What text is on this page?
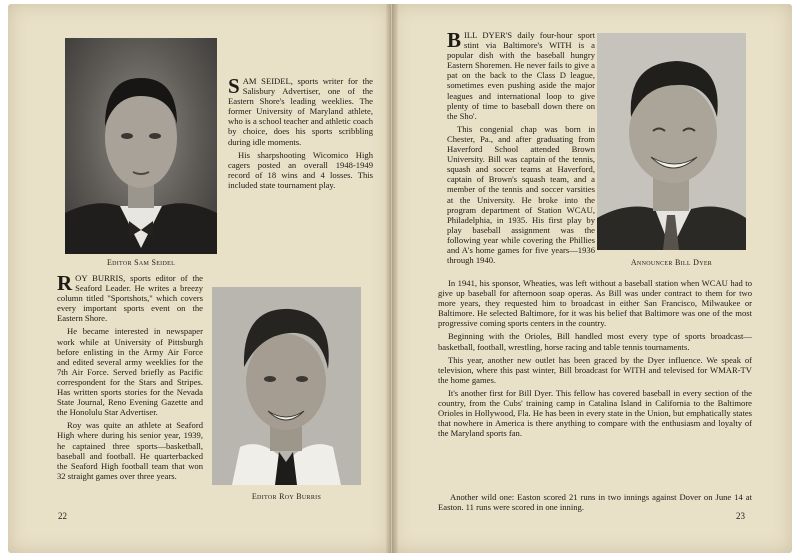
Editor Sam Seidel

SAM SEIDEL, sports writer for the Salisbury Advertiser, one of the Eastern Shore's leading weeklies. The former University of Maryland athlete, who is a school teacher and athletic coach by choice, does his sports scribbling during idle moments.

His sharpshooting Wicomico High cagers posted an overall 1948-1949 record of 18 wins and 4 losses. This included state tournament play.

ROY BURRIS, sports editor of the Seaford Leader. He writes a breezy column titled "Sportshots," which covers every important sports event on the Eastern Shore.

He became interested in newspaper work while at University of Pittsburgh before enlisting in the Army Air Force and edited several army weeklies for the 7th Air Force. Served briefly as Pacific correspondent for the Stars and Stripes. Has written sports stories for the Nevada State Journal, Reno Evening Gazette and the Honolulu Star Advertiser.

Roy was quite an athlete at Seaford High where during his senior year, 1939, he captained three sports—basketball, baseball and football. He quarterbacked the Seaford High football team that won 32 straight games over three years.

Editor Roy Burris
22

BILL DYER'S daily four-hour sport stint via Baltimore's WITH is a popular dish with the baseball hungry Eastern Shoremen. He never fails to give a pat on the back to the Class D league, sometimes even pushing aside the major leagues and international loop to give plenty of time to baseball down there on the Sho'.

This congenial chap was born in Chester, Pa., and after graduating from Haverford School attended Brown University. Bill was captain of the tennis, squash and soccer teams at Haverford, captain of Brown's squash team, and a member of the tennis and soccer varsities at the University. He broke into the program department of Station WCAU, Philadelphia, in 1935. His first play by play baseball assignment was the following year while covering the Phillies and A's home games for five years—1936 through 1940.	Announcer Bill Dyer

In 1941, his sponsor, Wheaties, was left without a baseball station when WCAU had to give up baseball for afternoon soap operas. As Bill was under contract to them for two more years, they requested him to broadcast in either San Francisco, Milwaukee or Baltimore. He selected Baltimore, for it was his belief that Baltimore was one of the most progressive coming sports centers in the country.

Beginning with the Orioles, Bill handled most every type of sports broadcast—basketball, football, wrestling, horse racing and table tennis tournaments.

This year, another new outlet has been graced by the Dyer influence. We speak of television, where this past winter, Bill broadcast for WITH and televised for WMAR-TV the home games.

It's another first for Bill Dyer. This fellow has covered baseball in every section of the country, from the Cubs' training camp in Catalina Island in California to the Baltimore Orioles in Hollywood, Fla. He has been in every state in the Union, but emphatically states that nowhere in America is there anything to compare with the enthusiasm and loyalty of the Maryland sports fan.

Another wild one: Easton scored 21 runs in two innings against Dover on June 14 at Easton. 11 runs were scored in one inning.
23
